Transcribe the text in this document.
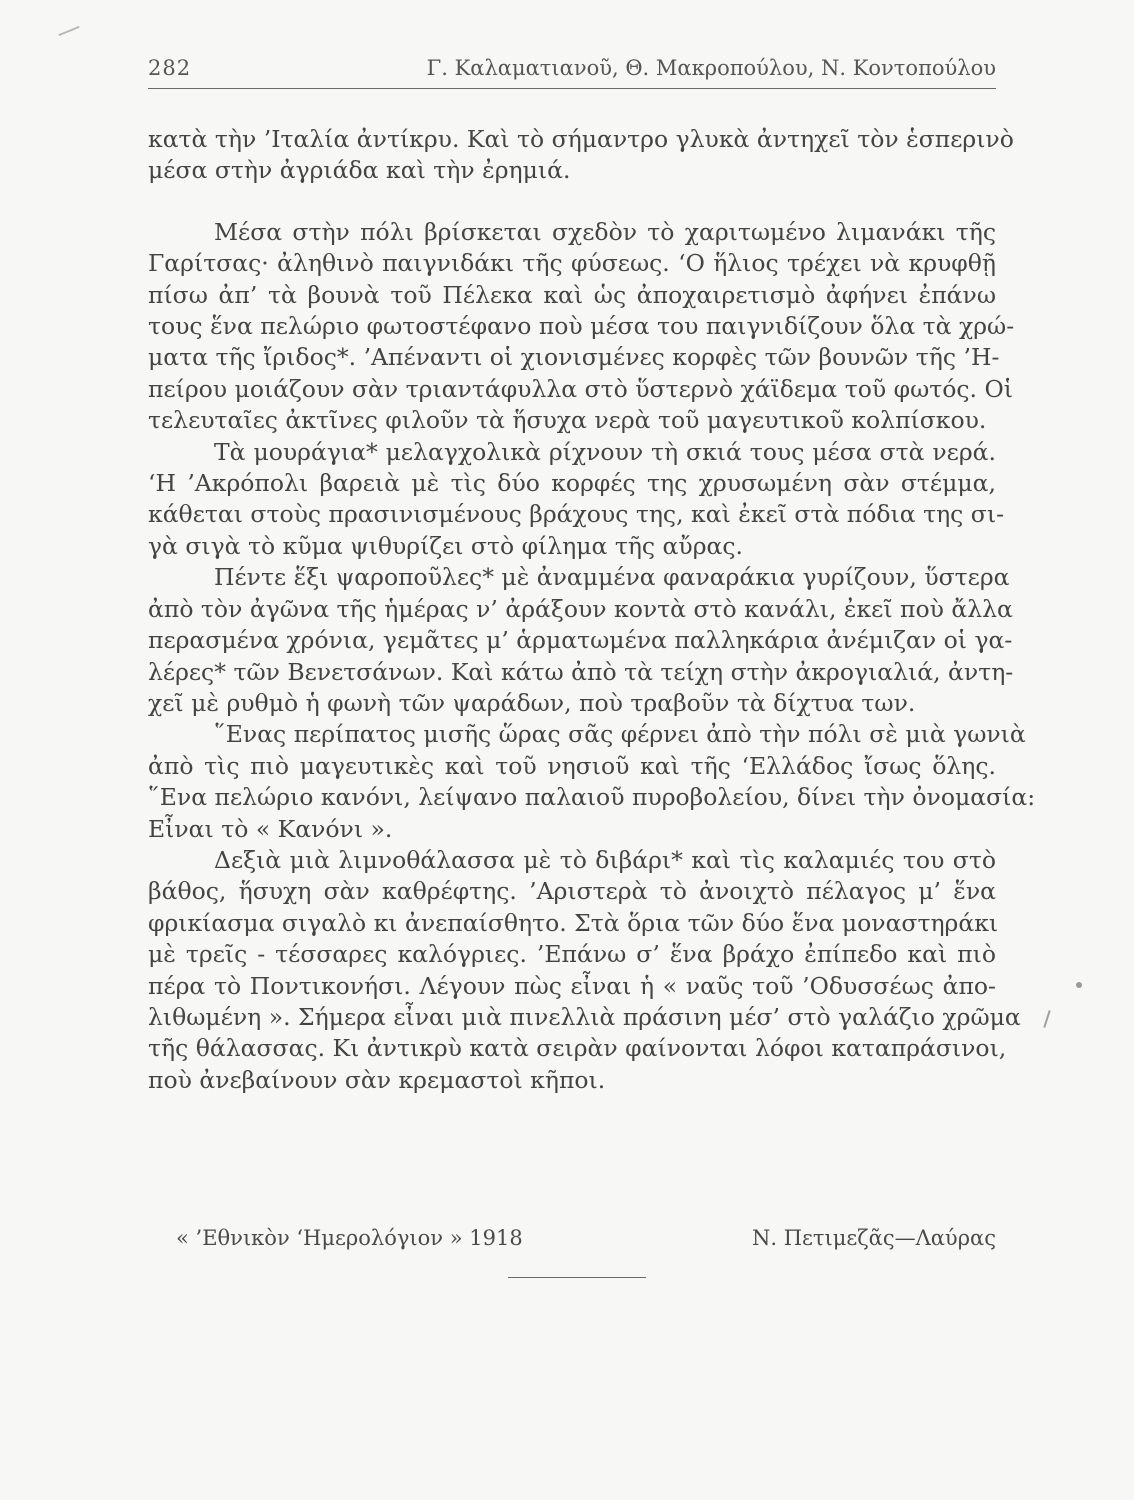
282	Γ. Καλαματιανοῦ, Θ. Μακροπούλου, Ν. Κοντοπούλου
κατὰ τὴν ’Ιταλία ἀντίκρυ. Καὶ τὸ σήμαντρο γλυκὰ ἀντηχεῖ τὸν ἑσπερινὸ
μέσα στὴν ἀγριάδα καὶ τὴν ἐρημιά.
Μέσα στὴν πόλι βρίσκεται σχεδὸν τὸ χαριτωμένο λιμανάκι τῆς
Γαρίτσας· ἀληθινὸ παιγνιδάκι τῆς φύσεως. ‘Ο ἥλιος τρέχει νὰ κρυφθῇ
πίσω ἀπ’ τὰ βουνὰ τοῦ Πέλεκα καὶ ὡς ἀποχαιρετισμὸ ἀφήνει ἐπάνω
τους ἕνα πελώριο φωτοστέφανο ποὺ μέσα του παιγνιδίζουν ὅλα τὰ χρώ-
ματα τῆς ἴριδος*. ’Απέναντι οἱ χιονισμένες κορφὲς τῶν βουνῶν τῆς ’Η-
πείρου μοιάζουν σὰν τριαντάφυλλα στὸ ὕστερνὸ χάϊδεμα τοῦ φωτός. Οἱ
τελευταῖες ἀκτῖνες φιλοῦν τὰ ἥσυχα νερὰ τοῦ μαγευτικοῦ κολπίσκου.
Τὰ μουράγια* μελαγχολικὰ ρίχνουν τὴ σκιά τους μέσα στὰ νερά.
‘Η ’Ακρόπολι βαρειὰ μὲ τὶς δύο κορφές της χρυσωμένη σὰν στέμμα,
κάθεται στοὺς πρασινισμένους βράχους της, καὶ ἐκεῖ στὰ πόδια της σι-
γὰ σιγὰ τὸ κῦμα ψιθυρίζει στὸ φίλημα τῆς αὔρας.
Πέντε ἕξι ψαροποῦλες* μὲ ἀναμμένα φαναράκια γυρίζουν, ὕστερα
ἀπὸ τὸν ἀγῶνα τῆς ἡμέρας ν’ ἀράξουν κοντὰ στὸ κανάλι, ἐκεῖ ποὺ ἄλλα
περασμένα χρόνια, γεμᾶτες μ’ ἁρματωμένα παλληκάρια ἀνέμιζαν οἱ γα-
λέρες* τῶν Βενετσάνων. Καὶ κάτω ἀπὸ τὰ τείχη στὴν ἀκρογιαλιά, ἀντη-
χεῖ μὲ ρυθμὸ ἡ φωνὴ τῶν ψαράδων, ποὺ τραβοῦν τὰ δίχτυα των.
῞Ενας περίπατος μισῆς ὥρας σᾶς φέρνει ἀπὸ τὴν πόλι σὲ μιὰ γωνιὰ
ἀπὸ τὶς πιὸ μαγευτικὲς καὶ τοῦ νησιοῦ καὶ τῆς ‘Ελλάδος ἴσως ὅλης.
῞Ενα πελώριο κανόνι, λείψανο παλαιοῦ πυροβολείου, δίνει τὴν ὀνομασία:
Εἶναι τὸ « Κανόνι ».
Δεξιὰ μιὰ λιμνοθάλασσα μὲ τὸ διβάρι* καὶ τὶς καλαμιές του στὸ
βάθος, ἥσυχη σὰν καθρέφτης. ’Αριστερὰ τὸ ἀνοιχτὸ πέλαγος μ’ ἕνα
φρικίασμα σιγαλὸ κι ἀνεπαίσθητο. Στὰ ὅρια τῶν δύο ἕνα μοναστηράκι
μὲ τρεῖς - τέσσαρες καλόγριες. ’Επάνω σ’ ἕνα βράχο ἐπίπεδο καὶ πιὸ
πέρα τὸ Ποντικονήσι. Λέγουν πὼς εἶναι ἡ « ναῦς τοῦ ’Οδυσσέως ἀπο-
λιθωμένη ». Σήμερα εἶναι μιὰ πινελλιὰ πράσινη μέσ’ στὸ γαλάζιο χρῶμα
τῆς θάλασσας. Κι ἀντικρὺ κατὰ σειρὰν φαίνονται λόφοι καταπράσινοι,
ποὺ ἀνεβαίνουν σὰν κρεμαστοὶ κῆποι.
« ’Εθνικὸν ‘Ημερολόγιον » 1918	Ν. Πετιμεζᾶς—Λαύρας
